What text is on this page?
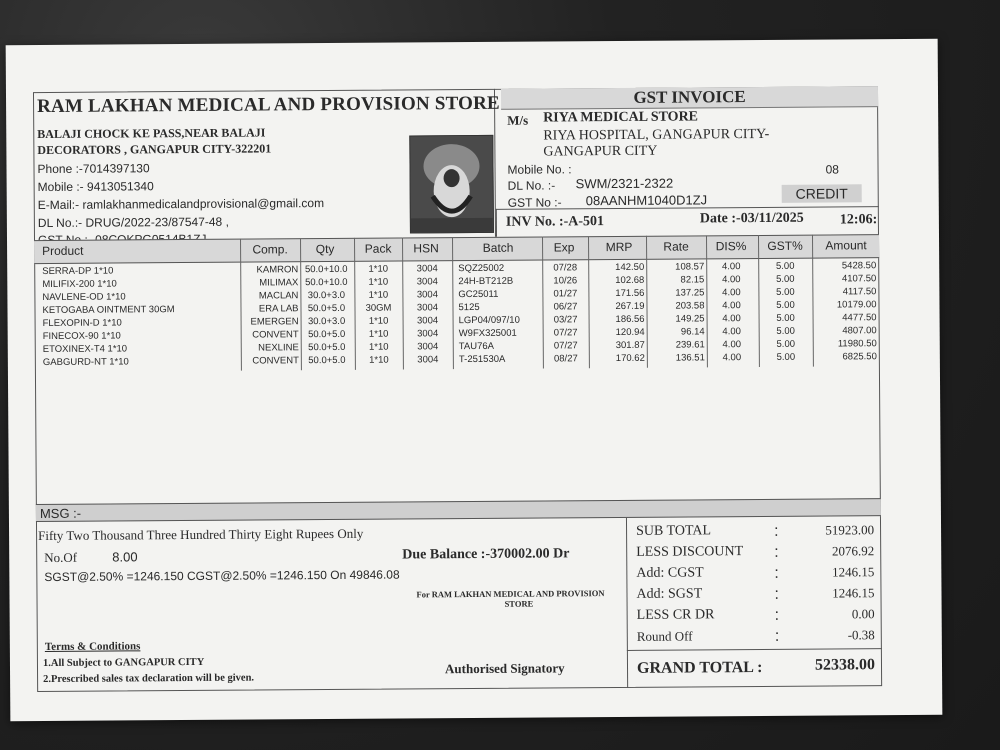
RAM LAKHAN MEDICAL AND PROVISION STORE
BALAJI CHOCK KE PASS,NEAR BALAJI DECORATORS , GANGAPUR CITY-322201
Phone :-7014397130
Mobile :- 9413051340
E-Mail:- ramlakhanmedicalandprovisional@gmail.com
DL No.:- DRUG/2022-23/87547-48 ,
GST INVOICE
M/s RIYA MEDICAL STORE
RIYA HOSPITAL, GANGAPUR CITY-
GANGAPUR CITY
Mobile No. :	08
DL No. :- SWM/2321-2322
GST No :- 08AANHM1040D1ZJ	CREDIT
INV No. :-A-501	Date :-03/11/2025	12:06:
Product	Comp.	Qty	Pack	HSN	Batch	Exp	MRP	Rate	DIS%	GST%	Amount
SERRA-DP 1*10	KAMRON 50.0+10.0	1*10	3004	SQZ25002	07/28	142.50	108.57	4.00	5.00	5428.50
MILIFIX-200 1*10	MILIMAX 50.0+10.0	1*10	3004	24H-BT212B	10/26	102.68	82.15	4.00	5.00	4107.50
NAVLENE-OD 1*10	MACLAN 30.0+3.0	1*10	3004	GC25011	01/27	171.56	137.25	4.00	5.00	4117.50
KETOGABA OINTMENT 30GM	ERA LAB 50.0+5.0	30GM	3004	5125	06/27	267.19	203.58	4.00	5.00	10179.00
FLEXOPIN-D 1*10	EMERGEN 30.0+3.0	1*10	3004	LGP04/097/10	03/27	186.56	149.25	4.00	5.00	4477.50
FINECOX-90 1*10	CONVENT 50.0+5.0	1*10	3004	W9FX325001	07/27	120.94	96.14	4.00	5.00	4807.00
ETOXINEX-T4 1*10	NEXLINE 50.0+5.0	1*10	3004	TAU76A	07/27	301.87	239.61	4.00	5.00	11980.50
GABGURD-NT 1*10	CONVENT 50.0+5.0	1*10	3004	T-251530A	08/27	170.62	136.51	4.00	5.00	6825.50
MSG :-
Fifty Two Thousand Three Hundred Thirty Eight Rupees Only
No.Of	8.00	Due Balance :-370002.00 Dr
SGST@2.50% =1246.150 CGST@2.50% =1246.150 On 49846.08
For RAM LAKHAN MEDICAL AND PROVISION
STORE
Terms & Conditions
1.All Subject to GANGAPUR CITY
2.Prescribed sales tax declaration will be given.
Authorised Signatory
SUB TOTAL	:	51923.00
LESS DISCOUNT :	2076.92
Add: CGST	:	1246.15
Add: SGST	:	1246.15
LESS CR DR	:	0.00
Round Off	:	-0.38
GRAND TOTAL :	52338.00
